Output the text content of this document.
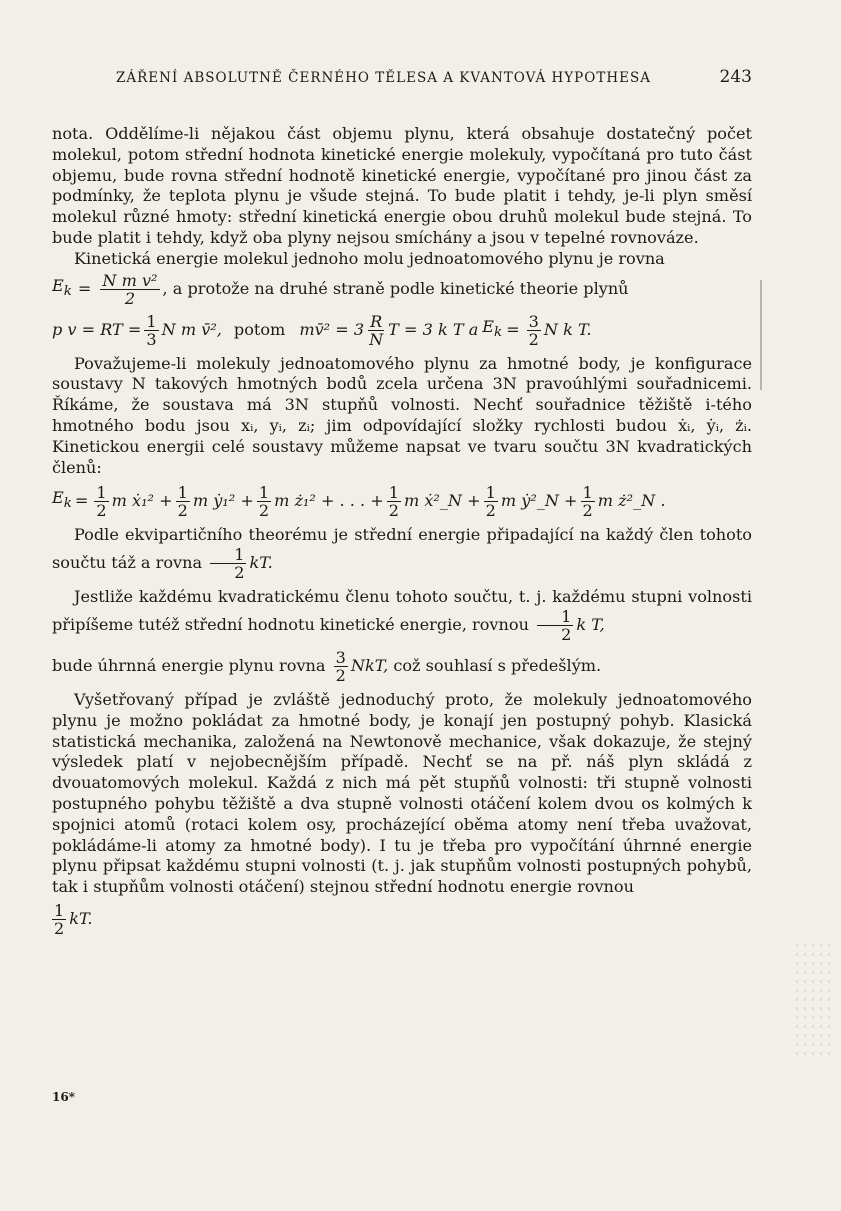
ZÁŘENÍ ABSOLUTNĚ ČERNÉHO TĚLESA A KVANTOVÁ HYPOTHESA	243

nota. Oddělíme-li nějakou část objemu plynu, která obsahuje dostatečný počet molekul, potom střední hodnota kinetické energie molekuly, vypočítaná pro tuto část objemu, bude rovna střední hodnotě kinetické energie, vypočítané pro jinou část za podmínky, že teplota plynu je všude stejná. To bude platit i tehdy, je-li plyn směsí molekul různé hmoty: střední kinetická energie obou druhů molekul bude stejná. To bude platit i tehdy, když oba plyny nejsou smíchány a jsou v tepelné rovnováze.

Kinetická energie molekul jednoho molu jednoatomového plynu je rovna

$E_k = \frac{\text{N m v²}}{2}$ , a protože na druhé straně podle kinetické theorie plynů
p v = RT = $\frac{1}{3}$ N m v̄², potom mv̄² = $3 \frac{R}{N}$ T = 3 k T a $E_k = \frac{3}{2}$ N k T.

Považujeme-li molekuly jednoatomového plynu za hmotné body, je konfigurace soustavy N takových hmotných bodů zcela určena 3N pravoúhlými souřadnicemi. Říkáme, že soustava má 3N stupňů volnosti. Nechť souřadnice těžiště i-tého hmotného bodu jsou xᵢ, yᵢ, zᵢ; jim odpovídající složky rychlosti budou ẋᵢ, ẏᵢ, żᵢ. Kinetickou energii celé soustavy můžeme napsat ve tvaru součtu 3N kvadratických členů:

$E_k = \frac{1}{2}$ m ẋ₁² + $\frac{1}{2}$ m ẏ₁² + $\frac{1}{2}$ m ż₁² + . . . + $\frac{1}{2}$ m ẋ²_N + $\frac{1}{2}$ m ẏ²_N + $\frac{1}{2}$ m ż²_N .

Podle ekvipartičního theorému je střední energie připadající na každý člen tohoto součtu táž a rovna $\frac{1}{2}$ kT.

Jestliže každému kvadratickému členu tohoto součtu, t. j. každému stupni volnosti připíšeme tutéž střední hodnotu kinetické energie, rovnou $\frac{1}{2}$ k T,

bude úhrnná energie plynu rovna $\frac{3}{2}$ NkT, což souhlasí s předešlým.

Vyšetřovaný případ je zvláště jednoduchý proto, že molekuly jednoatomového plynu je možno pokládat za hmotné body, je konají jen postupný pohyb. Klasická statistická mechanika, založená na Newtonově mechanice, však dokazuje, že stejný výsledek platí v nejobecnějším případě. Nechť se na př. náš plyn skládá z dvouatomových molekul. Každá z nich má pět stupňů volnosti: tři stupně volnosti postupného pohybu těžiště a dva stupně volnosti otáčení kolem dvou os kolmých k spojnici atomů (rotaci kolem osy, procházející oběma atomy není třeba uvažovat, pokládáme-li atomy za hmotné body). I tu je třeba pro vypočítání úhrnné energie plynu připsat každému stupni volnosti (t. j. jak stupňům volnosti postupných pohybů, tak i stupňům volnosti otáčení) stejnou střední hodnotu energie rovnou

$\frac{1}{2}$ kT.

16*
